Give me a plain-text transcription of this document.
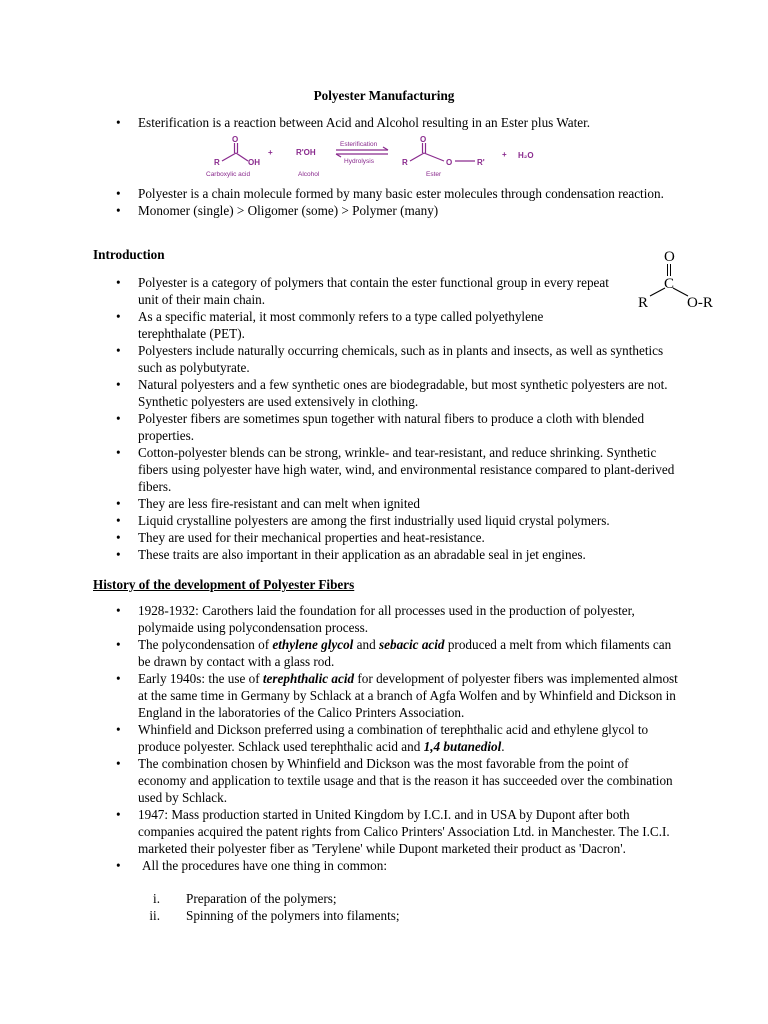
Polyester Manufacturing
• Esterification is a reaction between Acid and Alcohol resulting in an Ester plus Water.
O
R	OH
+	R'OH
O
R	O	R'
+ H₂O
Esterification
Hydrolysis
Carboxylic acid	Alcohol	Ester
• Polyester is a chain molecule formed by many basic ester molecules through condensation reaction.
• Monomer (single) > Oligomer (some) > Polymer (many)
Introduction	O
C
R	O-R
• Polyester is a category of polymers that contain the ester functional group in every repeat unit of their main chain.
• As a specific material, it most commonly refers to a type called polyethylene terephthalate (PET).
• Polyesters include naturally occurring chemicals, such as in plants and insects, as well as synthetics such as polybutyrate.
• Natural polyesters and a few synthetic ones are biodegradable, but most synthetic polyesters are not. Synthetic polyesters are used extensively in clothing.
• Polyester fibers are sometimes spun together with natural fibers to produce a cloth with blended properties.
• Cotton-polyester blends can be strong, wrinkle- and tear-resistant, and reduce shrinking. Synthetic fibers using polyester have high water, wind, and environmental resistance compared to plant-derived fibers.
• They are less fire-resistant and can melt when ignited
• Liquid crystalline polyesters are among the first industrially used liquid crystal polymers.
• They are used for their mechanical properties and heat-resistance.
• These traits are also important in their application as an abradable seal in jet engines.
History of the development of Polyester Fibers
• 1928-1932: Carothers laid the foundation for all processes used in the production of polyester, polymaide using polycondensation process.
• The polycondensation of ethylene glycol and sebacic acid produced a melt from which filaments can be drawn by contact with a glass rod.
• Early 1940s: the use of terephthalic acid for development of polyester fibers was implemented almost at the same time in Germany by Schlack at a branch of Agfa Wolfen and by Whinfield and Dickson in England in the laboratories of the Calico Printers Association.
• Whinfield and Dickson preferred using a combination of terephthalic acid and ethylene glycol to produce polyester. Schlack used terephthalic acid and 1,4 butanediol.
• The combination chosen by Whinfield and Dickson was the most favorable from the point of economy and application to textile usage and that is the reason it has succeeded over the combination used by Schlack.
• 1947: Mass production started in United Kingdom by I.C.I. and in USA by Dupont after both companies acquired the patent rights from Calico Printers' Association Ltd. in Manchester. The I.C.I. marketed their polyester fiber as 'Terylene' while Dupont marketed their product as 'Dacron'.
• All the procedures have one thing in common:
i. Preparation of the polymers;
ii. Spinning of the polymers into filaments;
